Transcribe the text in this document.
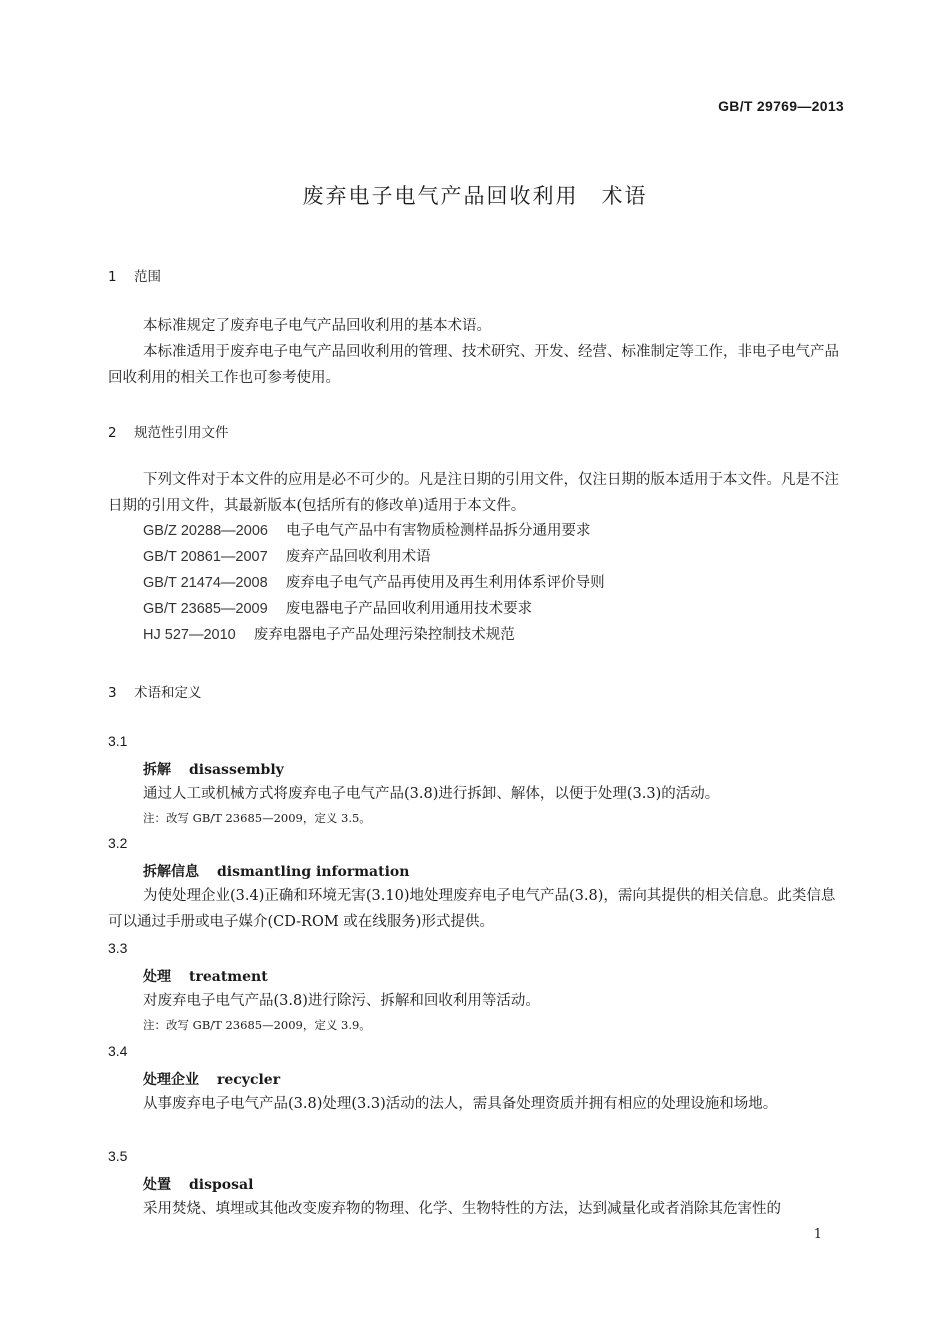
GB/T 29769—2013
废弃电子电气产品回收利用　术语
1 范围
本标准规定了废弃电子电气产品回收利用的基本术语。
本标准适用于废弃电子电气产品回收利用的管理、技术研究、开发、经营、标准制定等工作，非电子电气产品回收利用的相关工作也可参考使用。
2 规范性引用文件
下列文件对于本文件的应用是必不可少的。凡是注日期的引用文件，仅注日期的版本适用于本文件。凡是不注日期的引用文件，其最新版本(包括所有的修改单)适用于本文件。
GB/Z 20288—2006 电子电气产品中有害物质检测样品拆分通用要求
GB/T 20861—2007 废弃产品回收利用术语
GB/T 21474—2008 废弃电子电气产品再使用及再生利用体系评价导则
GB/T 23685—2009 废电器电子产品回收利用通用技术要求
HJ 527—2010 废弃电器电子产品处理污染控制技术规范
3 术语和定义
3.1
拆解 disassembly
通过人工或机械方式将废弃电子电气产品(3.8)进行拆卸、解体，以便于处理(3.3)的活动。
注：改写 GB/T 23685—2009，定义 3.5。
3.2
拆解信息 dismantling information
为使处理企业(3.4)正确和环境无害(3.10)地处理废弃电子电气产品(3.8)，需向其提供的相关信息。此类信息可以通过手册或电子媒介(CD-ROM 或在线服务)形式提供。
3.3
处理 treatment
对废弃电子电气产品(3.8)进行除污、拆解和回收利用等活动。
注：改写 GB/T 23685—2009，定义 3.9。
3.4
处理企业 recycler
从事废弃电子电气产品(3.8)处理(3.3)活动的法人，需具备处理资质并拥有相应的处理设施和场地。
3.5
处置 disposal
采用焚烧、填埋或其他改变废弃物的物理、化学、生物特性的方法，达到减量化或者消除其危害性的
1
